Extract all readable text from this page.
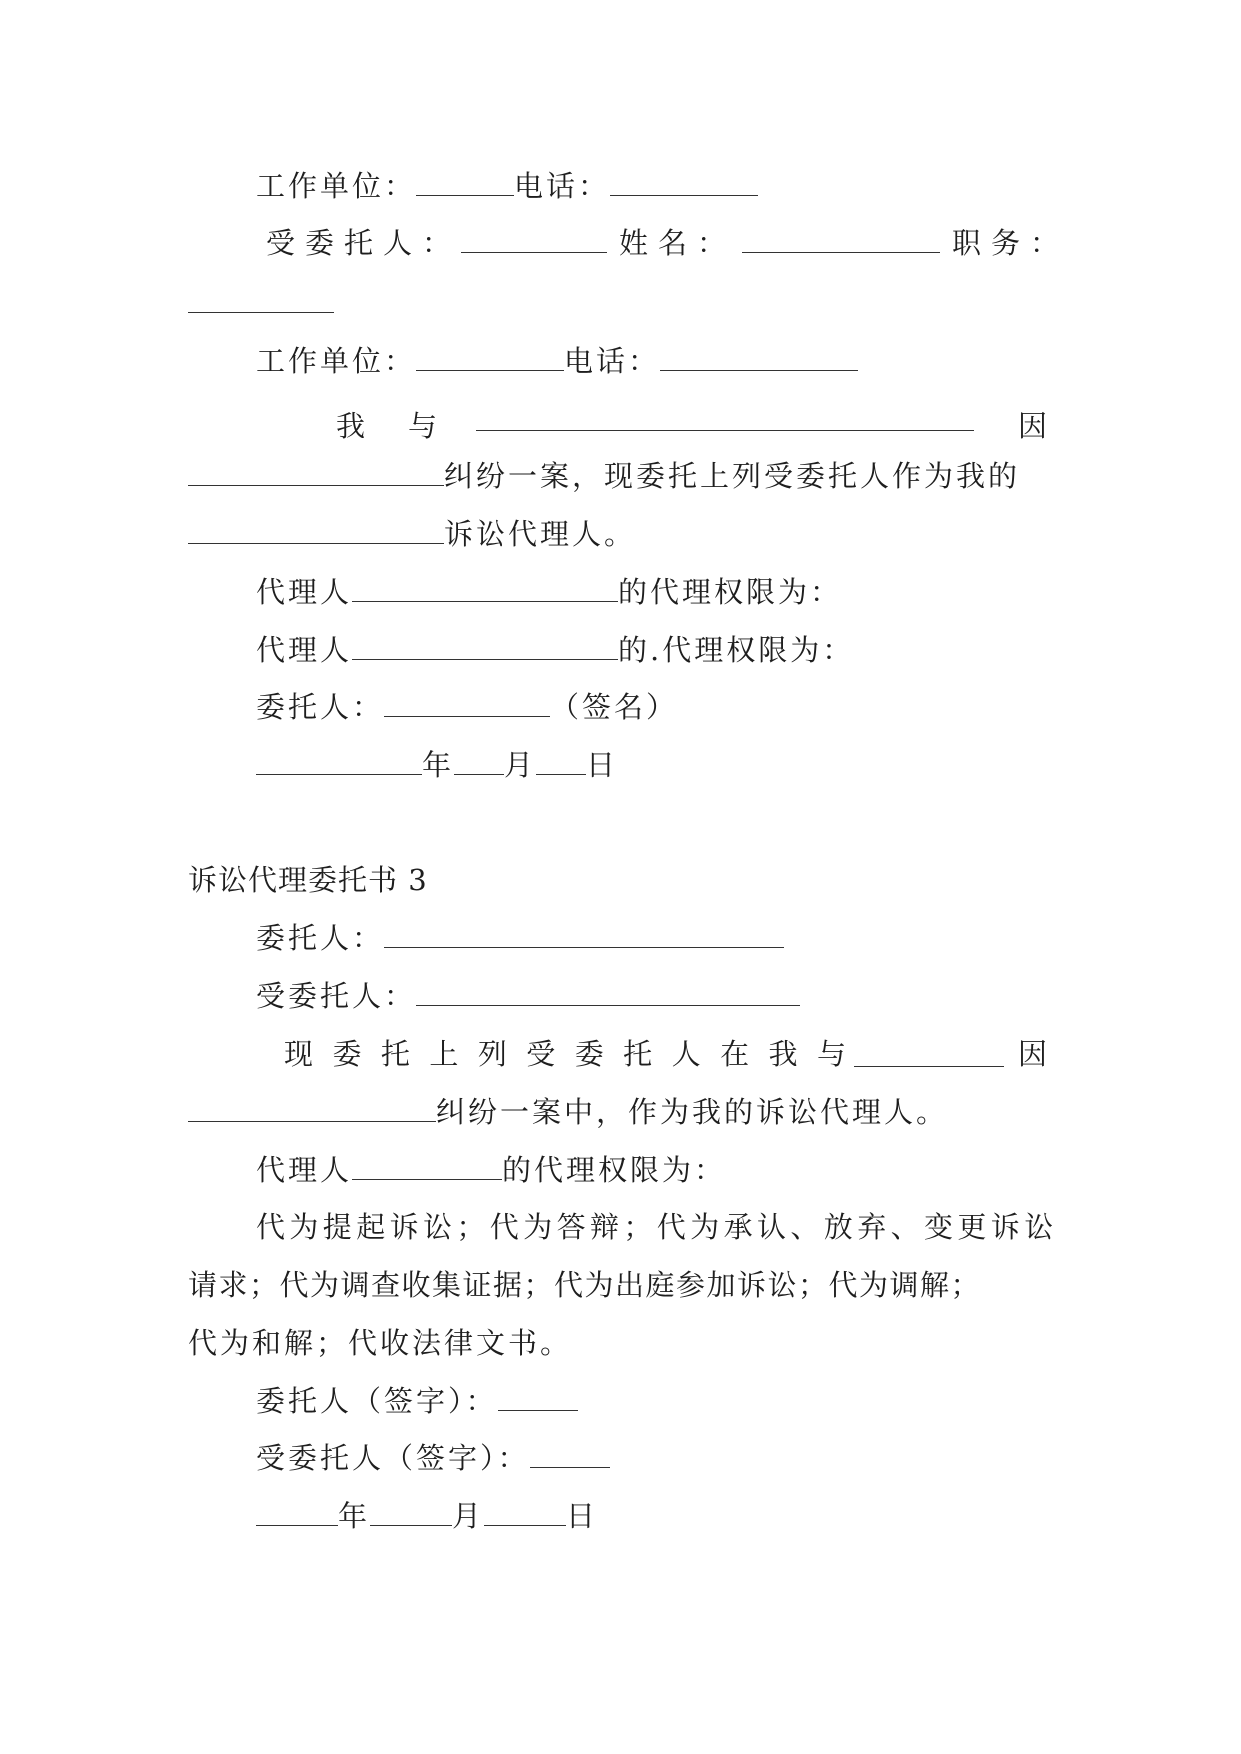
工作单位：	电话：
受委托人：	姓名：	职务：
工作单位：	电话：
我 与	因
纠纷一案，现委托上列受委托人作为我的
诉讼代理人。
代理人	的代理权限为：
代理人	的.代理权限为：
委托人：	（签名）
年 月 日
诉讼代理委托书 3
委托人：
受委托人：
现 委 托 上 列 受 委 托 人 在 我 与	因
纠纷一案中，作为我的诉讼代理人。
代理人	的代理权限为：
代为提起诉讼；代为答辩；代为承认、放弃、变更诉讼
请求；代为调查收集证据；代为出庭参加诉讼；代为调解；
代为和解；代收法律文书。
委托人（签字）：
受委托人（签字）：
年	月	日
